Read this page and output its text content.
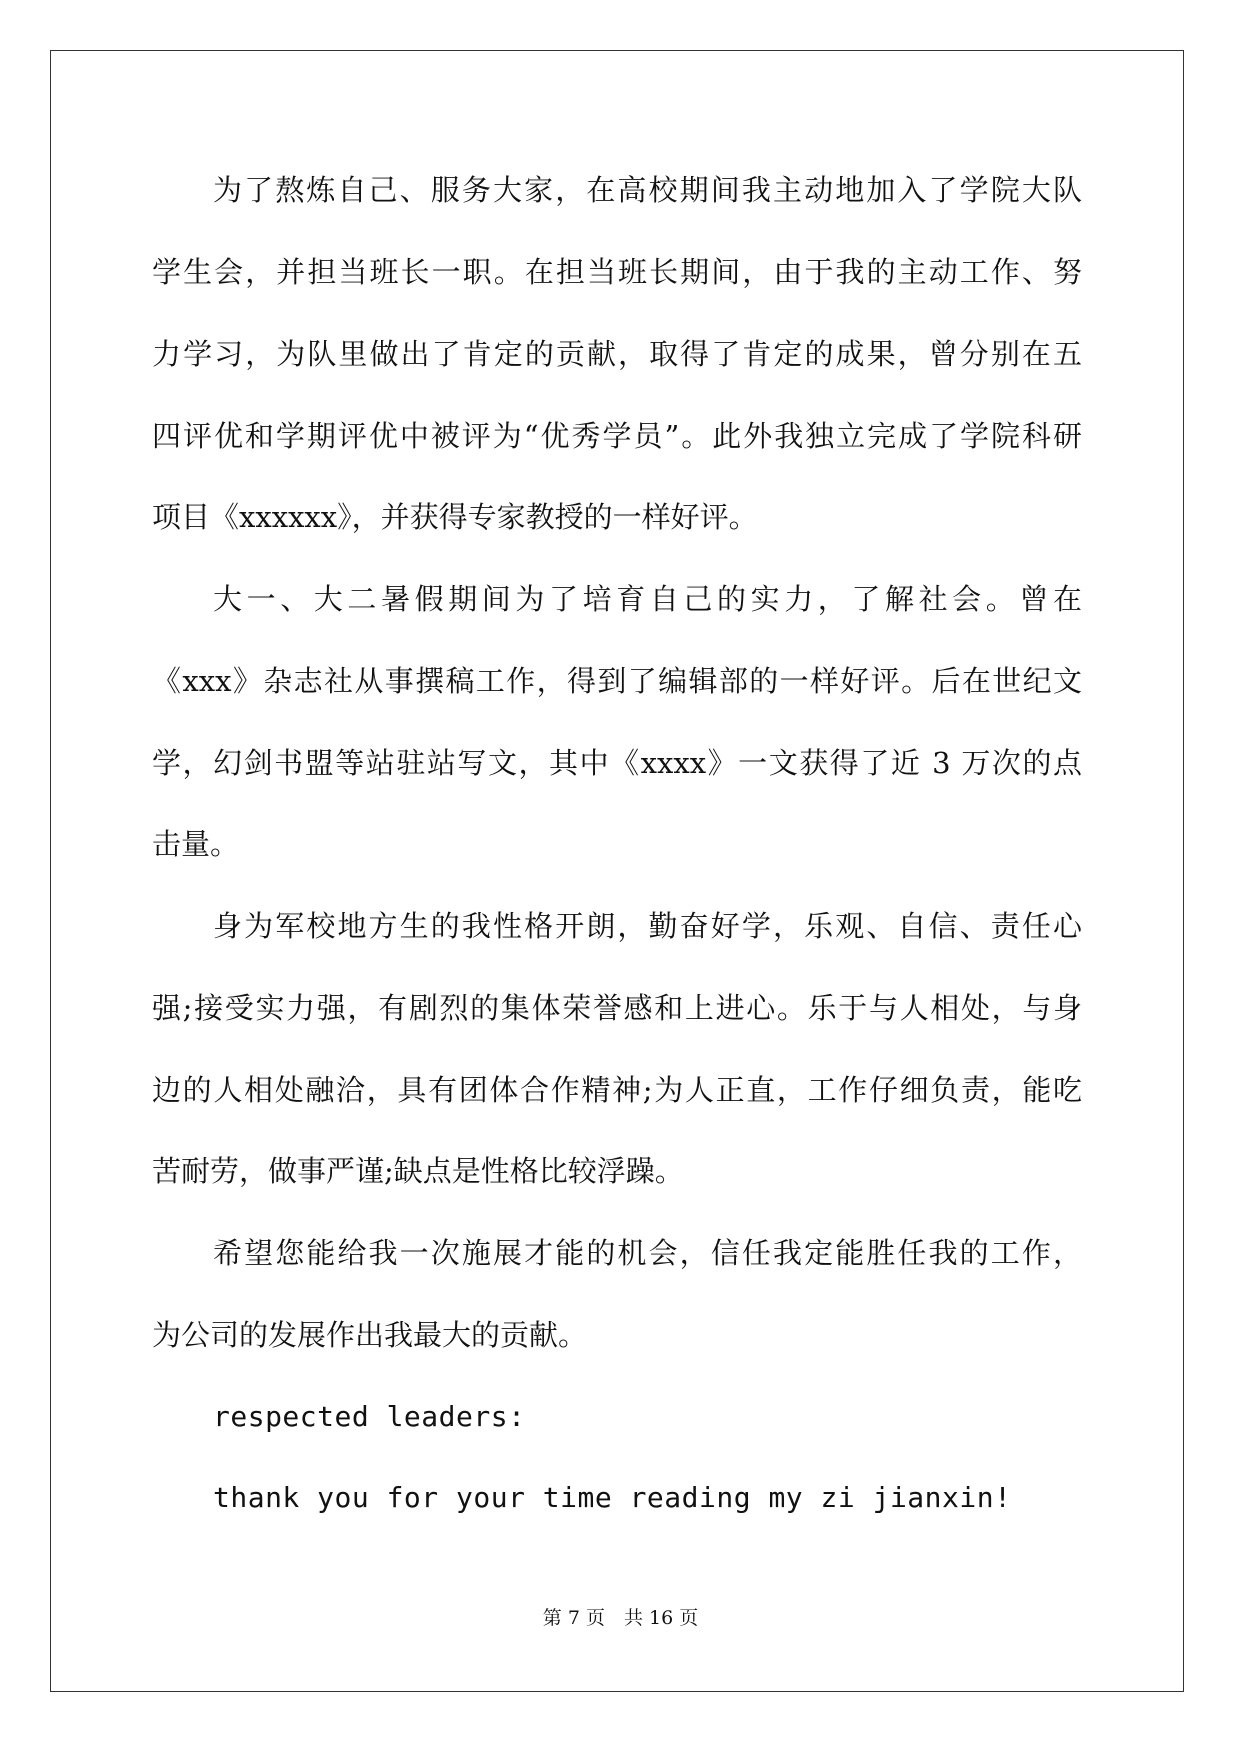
为了熬炼自己、服务大家，在高校期间我主动地加入了学院大队
学生会，并担当班长一职。在担当班长期间，由于我的主动工作、努
力学习，为队里做出了肯定的贡献，取得了肯定的成果，曾分别在五
四评优和学期评优中被评为“优秀学员”。此外我独立完成了学院科研
项目《xxxxxx》，并获得专家教授的一样好评。
大一、大二暑假期间为了培育自己的实力，了解社会。曾在
《xxx》杂志社从事撰稿工作，得到了编辑部的一样好评。后在世纪文
学，幻剑书盟等站驻站写文，其中《xxxx》一文获得了近 3 万次的点
击量。
身为军校地方生的我性格开朗，勤奋好学，乐观、自信、责任心
强;接受实力强，有剧烈的集体荣誉感和上进心。乐于与人相处，与身
边的人相处融洽，具有团体合作精神;为人正直，工作仔细负责，能吃
苦耐劳，做事严谨;缺点是性格比较浮躁。
希望您能给我一次施展才能的机会，信任我定能胜任我的工作，
为公司的发展作出我最大的贡献。
respected leaders:
thank you for your time reading my zi jianxin!
第 7 页　共 16 页
